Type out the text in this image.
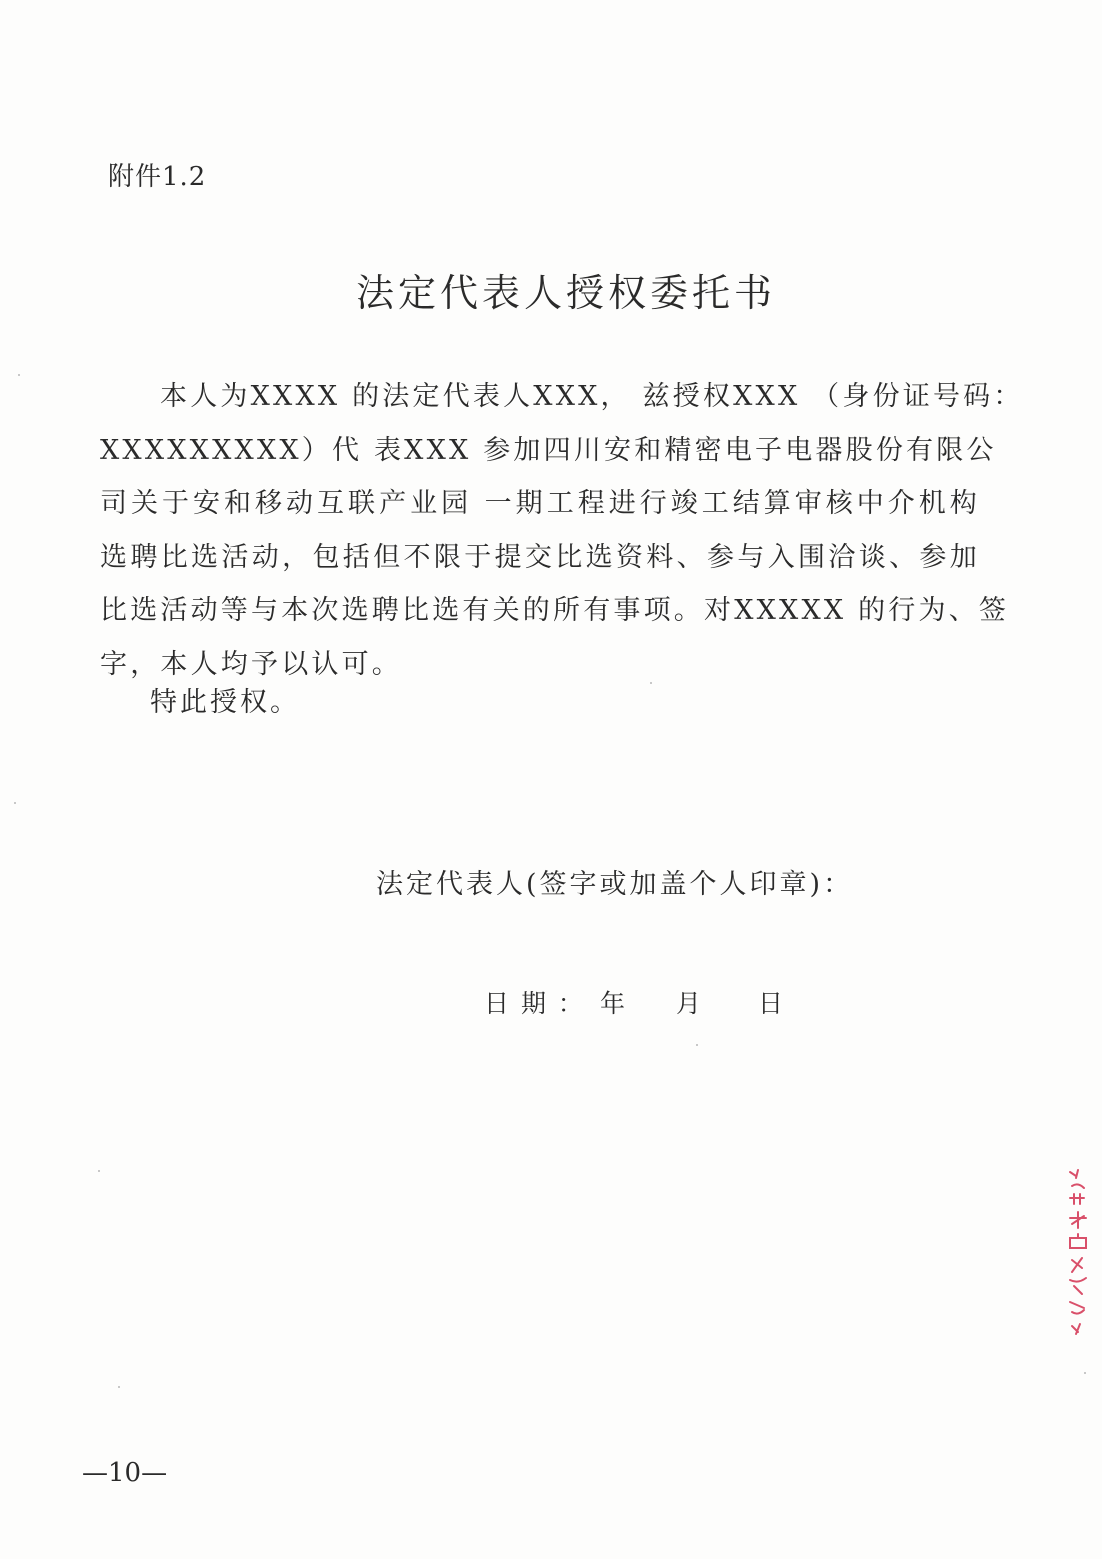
附件1.2
法定代表人授权委托书
本人为XXXX 的法定代表人XXX， 兹授权XXX （身份证号码：
XXXXXXXXX）代 表XXX 参加四川安和精密电子电器股份有限公
司关于安和移动互联产业园 一期工程进行竣工结算审核中介机构
选聘比选活动，包括但不限于提交比选资料、参与入围洽谈、参加
比选活动等与本次选聘比选有关的所有事项。对XXXXX 的行为、签
字，本人均予以认可。
特此授权。
法定代表人(签字或加盖个人印章)：
日 期 ： 年	月	日
—10—
